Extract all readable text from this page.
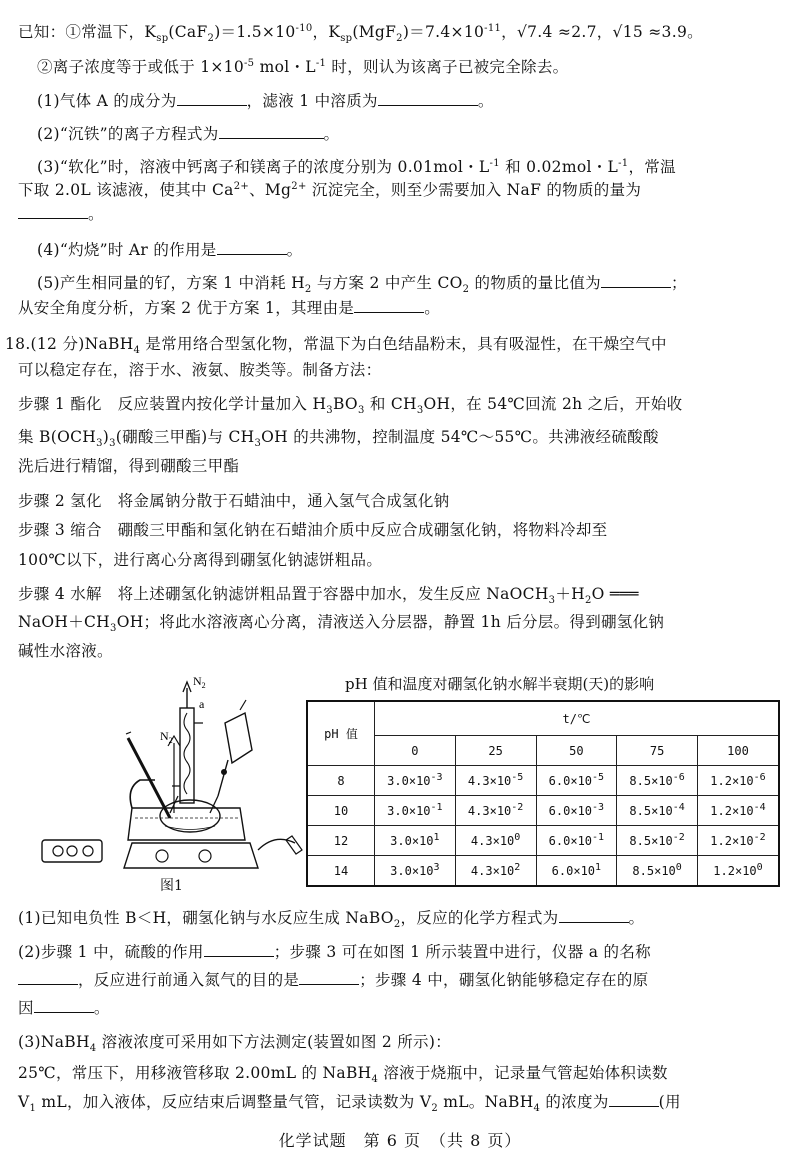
已知：①常温下，$K_{sp}(CaF_2)=1.5\times 10^{-10}$，$K_{sp}(MgF_2)=7.4\times 10^{-11}$，√7.4 ≈2.7，√15 ≈3.9。
②离子浓度等于或低于 $1\times 10^{-5}$ mol・$L^{-1}$ 时，则认为该离子已被完全除去。
(1)气体 A 的成分为	，滤液 1 中溶质为	。
(2)“沉铁”的离子方程式为	。
(3)“软化”时，溶液中钙离子和镁离子的浓度分别为 0.01mol・$L^{-1}$ 和 0.02mol・$L^{-1}$，常温
下取 2.0L 该滤液，使其中 $Ca^{2+}$、$Mg^{2+}$ 沉淀完全，则至少需要加入 NaF 的物质的量为
。
(4)“灼烧”时 Ar 的作用是	。
(5)产生相同量的钌，方案 1 中消耗 $H_2$ 与方案 2 中产生 $CO_2$ 的物质的量比值为	；
从安全角度分析，方案 2 优于方案 1，其理由是	。
18.(12 分)NaBH$_4$ 是常用络合型氢化物，常温下为白色结晶粉末，具有吸湿性，在干燥空气中
可以稳定存在，溶于水、液氨、胺类等。制备方法：
步骤 1 酯化　反应装置内按化学计量加入 $H_3BO_3$ 和 $CH_3OH$，在 54℃回流 2h 之后，开始收
集 $B(OCH_3)_3$(硼酸三甲酯)与 $CH_3OH$ 的共沸物，控制温度 54℃～55℃。共沸液经硫酸酸
洗后进行精馏，得到硼酸三甲酯
步骤 2 氢化　将金属钠分散于石蜡油中，通入氢气合成氢化钠
步骤 3 缩合　硼酸三甲酯和氢化钠在石蜡油介质中反应合成硼氢化钠，将物料冷却至
100℃以下，进行离心分离得到硼氢化钠滤饼粗品。
步骤 4 水解　将上述硼氢化钠滤饼粗品置于容器中加水，发生反应 $NaOCH_3+H_2O$ ═══
$NaOH+CH_3OH$；将此水溶液离心分离，清液送入分层器，静置 1h 后分层。得到硼氢化钠
碱性水溶液。
$N_2$
a
$N_2$
图1
pH 值和温度对硼氢化钠水解半衰期(天)的影响
pH 值	t/℃				
	0	25	50	75	100
8	$3.0\times 10^{-3}$	$4.3\times 10^{-5}$	$6.0\times 10^{-5}$	$8.5\times 10^{-6}$	$1.2\times 10^{-6}$
10	$3.0\times 10^{-1}$	$4.3\times 10^{-2}$	$6.0\times 10^{-3}$	$8.5\times 10^{-4}$	$1.2\times 10^{-4}$
12	$3.0\times 10^1$	$4.3\times 10^0$	$6.0\times 10^{-1}$	$8.5\times 10^{-2}$	$1.2\times 10^{-2}$
14	$3.0\times 10^3$	$4.3\times 10^2$	$6.0\times 10^1$	$8.5\times 10^0$	$1.2\times 10^0$
(1)已知电负性 B＜H，硼氢化钠与水反应生成 NaBO$_2$，反应的化学方程式为	。
(2)步骤 1 中，硫酸的作用	；步骤 3 可在如图 1 所示装置中进行，仪器 a 的名称
，反应进行前通入氮气的目的是	；步骤 4 中，硼氢化钠能够稳定存在的原
因	。
(3)NaBH$_4$ 溶液浓度可采用如下方法测定(装置如图 2 所示)：
25℃，常压下，用移液管移取 2.00mL 的 NaBH$_4$ 溶液于烧瓶中，记录量气管起始体积读数
$V_1$ mL，加入液体，反应结束后调整量气管，记录读数为 $V_2$ mL。NaBH$_4$ 的浓度为	(用
化学试题　第 6 页　（共 8 页）
